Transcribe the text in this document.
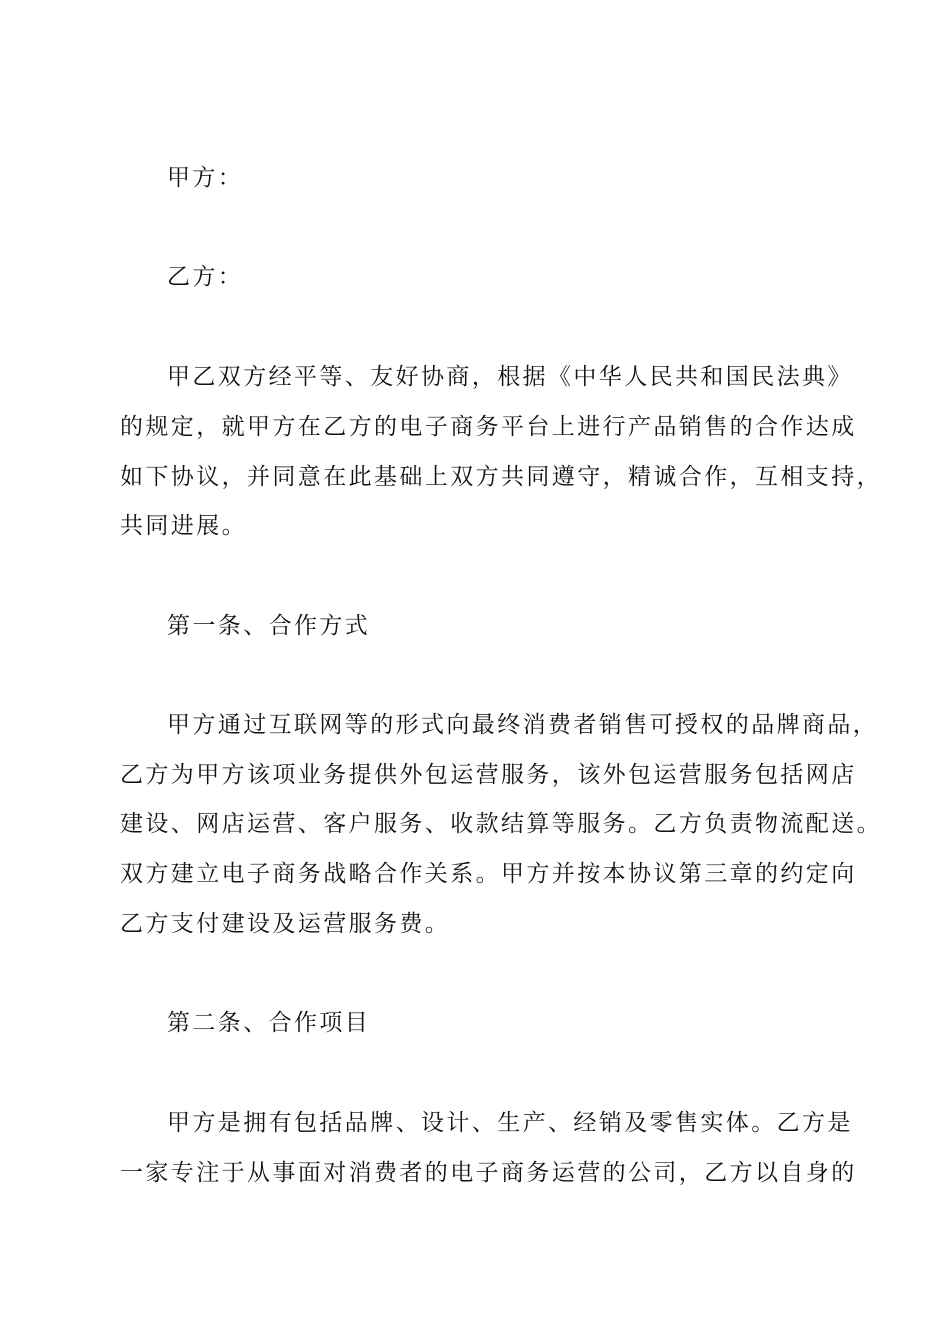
甲方：
乙方：
甲乙双方经平等、友好协商，根据《中华人民共和国民法典》
的规定，就甲方在乙方的电子商务平台上进行产品销售的合作达成
如下协议，并同意在此基础上双方共同遵守，精诚合作，互相支持，
共同进展。
第一条、合作方式
甲方通过互联网等的形式向最终消费者销售可授权的品牌商品，
乙方为甲方该项业务提供外包运营服务，该外包运营服务包括网店
建设、网店运营、客户服务、收款结算等服务。乙方负责物流配送。
双方建立电子商务战略合作关系。甲方并按本协议第三章的约定向
乙方支付建设及运营服务费。
第二条、合作项目
甲方是拥有包括品牌、设计、生产、经销及零售实体。乙方是
一家专注于从事面对消费者的电子商务运营的公司，乙方以自身的
